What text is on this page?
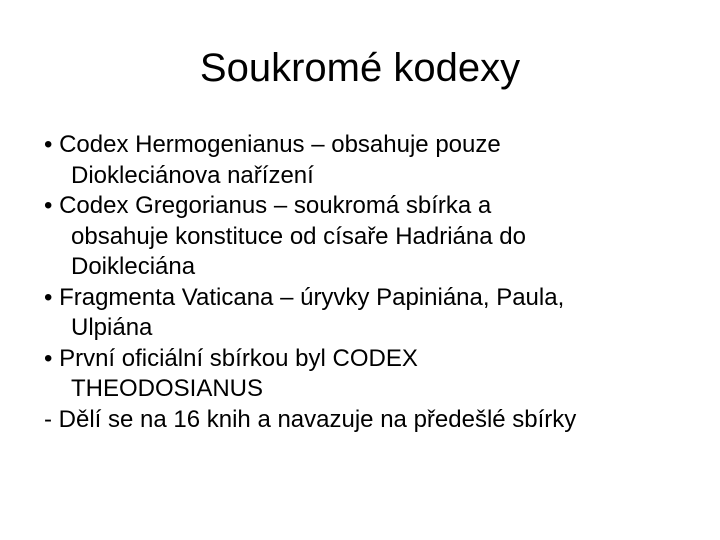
Soukromé kodexy
• Codex Hermogenianus – obsahuje pouze
Diokleciánova nařízení
• Codex Gregorianus – soukromá sbírka a
obsahuje konstituce od císaře Hadriána do
Doikleciána
• Fragmenta Vaticana – úryvky Papiniána, Paula,
Ulpiána
• První oficiální sbírkou byl CODEX
THEODOSIANUS
- Dělí se na 16 knih a navazuje na předešlé sbírky
